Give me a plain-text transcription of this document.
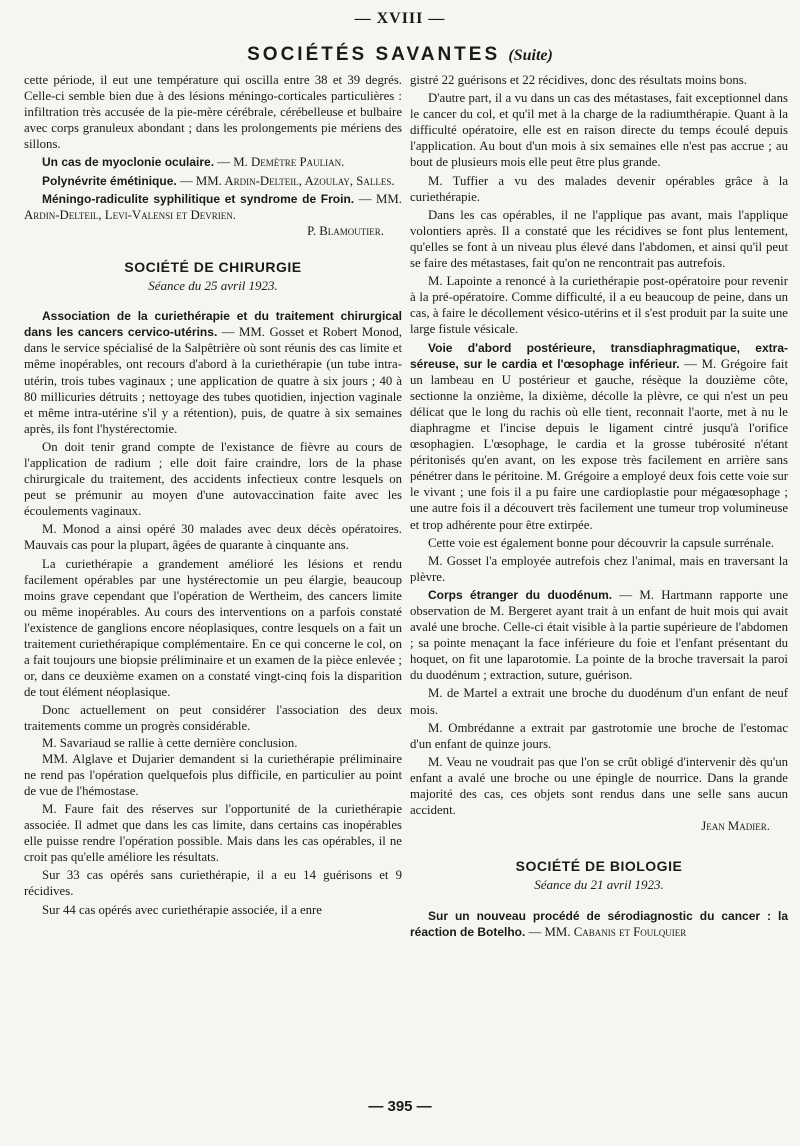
— XVIII —
SOCIÉTÉS SAVANTES (Suite)

cette période, il eut une température qui oscilla entre 38 et 39 degrés. Celle-ci semble bien due à des lésions méningo-corticales particulières : infiltration très accusée de la pie-mère cérébrale, cérébelleuse et bulbaire avec corps granuleux abondant ; dans les prolongements pie mériens des sillons.

Un cas de myoclonie oculaire. — M. Demètre Paulian.

Polynévrite émétinique. — MM. Ardin-Delteil, Azoulay, Salles.

Méningo-radiculite syphilitique et syndrome de Froin. — MM. Ardin-Delteil, Levi-Valensi et Devrien.

P. Blamoutier.

SOCIÉTÉ DE CHIRURGIE

Séance du 25 avril 1923.

Association de la curiethérapie et du traitement chirurgical dans les cancers cervico-utérins. — MM. Gosset et Robert Monod, dans le service spécialisé de la Salpêtrière où sont réunis des cas limite et même inopérables, ont recours d'abord à la curiethérapie (un tube intra-utérin, trois tubes vaginaux ; une application de quatre à six jours ; 40 à 80 millicuries détruits ; nettoyage des tubes quotidien, injection vaginale et même intra-utérine s'il y a rétention), puis, de quatre à six semaines après, ils font l'hystérectomie.

On doit tenir grand compte de l'existance de fièvre au cours de l'application de radium ; elle doit faire craindre, lors de la phase chirurgicale du traitement, des accidents infectieux contre lesquels on peut se prémunir au moyen d'une autovaccination faite avec les écoulements vaginaux.

M. Monod a ainsi opéré 30 malades avec deux décès opératoires. Mauvais cas pour la plupart, âgées de quarante à cinquante ans.

La curiethérapie a grandement amélioré les lésions et rendu facilement opérables par une hystérectomie un peu élargie, beaucoup moins grave cependant que l'opération de Wertheim, des cancers limite ou même inopérables. Au cours des interventions on a parfois constaté l'existence de ganglions encore néoplasiques, contre lesquels on a fait un traitement curiethérapique complémentaire. En ce qui concerne le col, on a fait toujours une biopsie préliminaire et un examen de la pièce enlevée ; or, dans ce deuxième examen on a constaté vingt-cinq fois la disparition de tout élément néoplasique.

Donc actuellement on peut considérer l'association des deux traitements comme un progrès considérable.

M. Savariaud se rallie à cette dernière conclusion.

MM. Alglave et Dujarier demandent si la curiethérapie préliminaire ne rend pas l'opération quelquefois plus difficile, en particulier au point de vue de l'hémostase.

M. Faure fait des réserves sur l'opportunité de la curiethérapie associée. Il admet que dans les cas limite, dans certains cas inopérables elle puisse rendre l'opération possible. Mais dans les cas opérables, il ne croit pas qu'elle améliore les résultats.

Sur 33 cas opérés sans curiethérapie, il a eu 14 guérisons et 9 récidives.

Sur 44 cas opérés avec curiethérapie associée, il a enre

gistré 22 guérisons et 22 récidives, donc des résultats moins bons.

D'autre part, il a vu dans un cas des métastases, fait exceptionnel dans le cancer du col, et qu'il met à la charge de la radiumthérapie. Quant à la difficulté opératoire, elle est en raison directe du temps écoulé depuis l'application. Au bout d'un mois à six semaines elle n'est pas accrue ; au bout de plusieurs mois elle peut être plus grande.

M. Tuffier a vu des malades devenir opérables grâce à la curiethérapie.

Dans les cas opérables, il ne l'applique pas avant, mais l'applique volontiers après. Il a constaté que les récidives se font plus lentement, qu'elles se font à un niveau plus élevé dans l'abdomen, et ainsi qu'il peut se faire des métastases, fait qu'on ne rencontrait pas autrefois.

M. Lapointe a renoncé à la curiethérapie post-opératoire pour revenir à la pré-opératoire. Comme difficulté, il a eu beaucoup de peine, dans un cas, à faire le décollement vésico-utérins et il s'est produit par la suite une large fistule vésicale.

Voie d'abord postérieure, transdiaphragmatique, extra-séreuse, sur le cardia et l'œsophage inférieur. — M. Grégoire fait un lambeau en U postérieur et gauche, résèque la douzième côte, sectionne la onzième, la dixième, décolle la plèvre, ce qui n'est un peu délicat que le long du rachis où elle tient, reconnait l'aorte, met à nu le diaphragme et l'incise depuis le ligament cintré jusqu'à l'orifice œsophagien. L'œsophage, le cardia et la grosse tubérosité n'étant péritonisés qu'en avant, on les expose très facilement en arrière sans pénétrer dans le péritoine. M. Grégoire a employé deux fois cette voie sur le vivant ; une fois il a pu faire une cardioplastie pour mégaœsophage ; une autre fois il a découvert très facilement une tumeur trop volumineuse et trop adhérente pour être extirpée.

Cette voie est également bonne pour découvrir la capsule surrénale.

M. Gosset l'a employée autrefois chez l'animal, mais en traversant la plèvre.

Corps étranger du duodénum. — M. Hartmann rapporte une observation de M. Bergeret ayant trait à un enfant de huit mois qui avait avalé une broche. Celle-ci était visible à la partie supérieure de l'abdomen ; sa pointe menaçant la face inférieure du foie et l'enfant présentant du hoquet, on fit une laparotomie. La pointe de la broche traversait la paroi du duodénum ; extraction, suture, guérison.

M. de Martel a extrait une broche du duodénum d'un enfant de neuf mois.

M. Ombrédanne a extrait par gastrotomie une broche de l'estomac d'un enfant de quinze jours.

M. Veau ne voudrait pas que l'on se crût obligé d'intervenir dès qu'un enfant a avalé une broche ou une épingle de nourrice. Dans la grande majorité des cas, ces objets sont rendus dans une selle sans aucun accident.

Jean Madier.

SOCIÉTÉ DE BIOLOGIE

Séance du 21 avril 1923.

Sur un nouveau procédé de sérodiagnostic du cancer : la réaction de Botelho. — MM. Cabanis et Foulquier

— 395 —
